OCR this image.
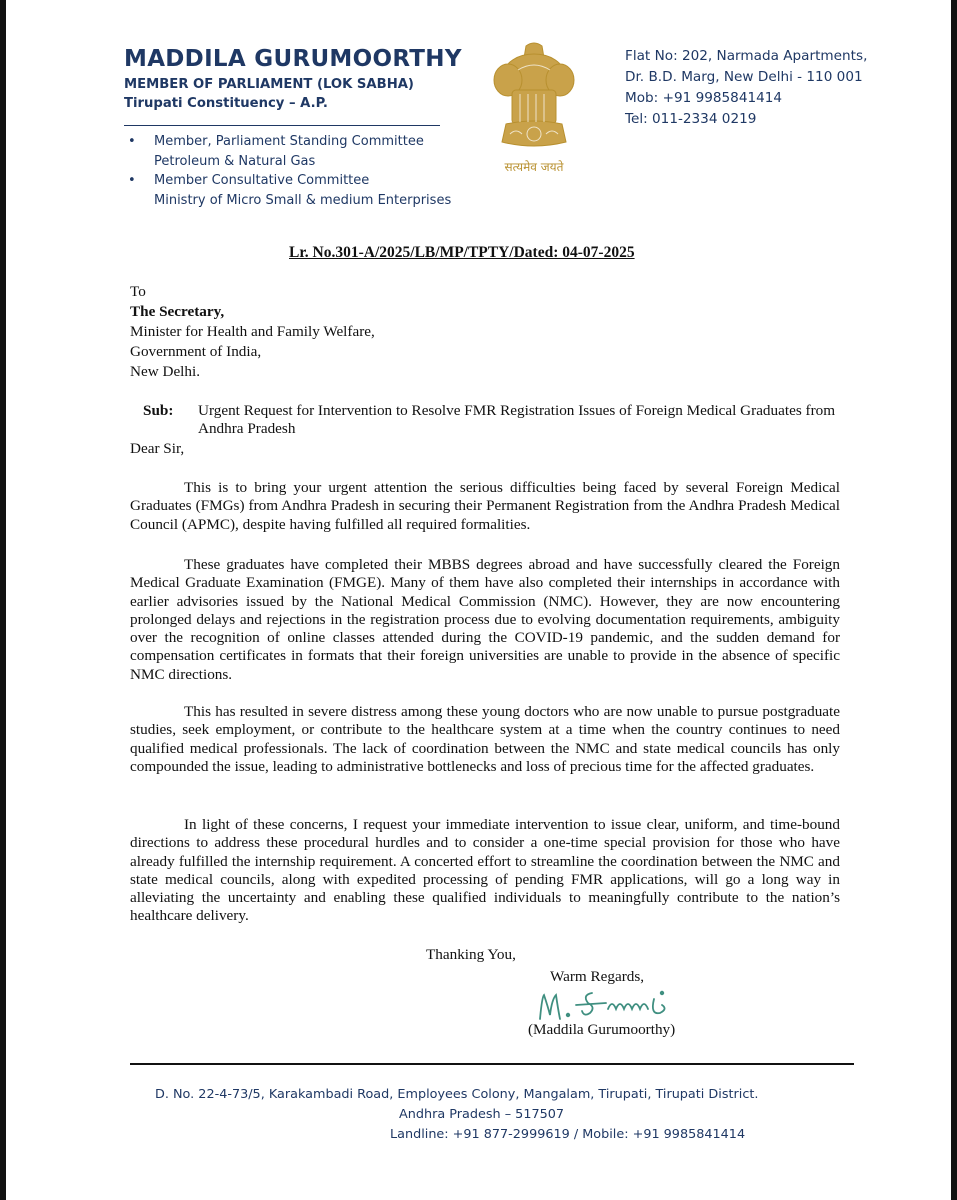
MADDILA GURUMOORTHY
MEMBER OF PARLIAMENT (LOK SABHA)
Tirupati Constituency – A.P.
• Member, Parliament Standing Committee
Petroleum & Natural Gas
• Member Consultative Committee
Ministry of Micro Small & medium Enterprises
सत्यमेव जयते
Flat No: 202, Narmada Apartments,
Dr. B.D. Marg, New Delhi - 110 001
Mob: +91 9985841414
Tel: 011-2334 0219
Lr. No.301-A/2025/LB/MP/TPTY/Dated: 04-07-2025
To
The Secretary,
Minister for Health and Family Welfare,
Government of India,
New Delhi.
Sub: Urgent Request for Intervention to Resolve FMR Registration Issues of Foreign Medical Graduates from Andhra Pradesh
Dear Sir,

This is to bring your urgent attention the serious difficulties being faced by several Foreign Medical Graduates (FMGs) from Andhra Pradesh in securing their Permanent Registration from the Andhra Pradesh Medical Council (APMC), despite having fulfilled all required formalities.

These graduates have completed their MBBS degrees abroad and have successfully cleared the Foreign Medical Graduate Examination (FMGE). Many of them have also completed their internships in accordance with earlier advisories issued by the National Medical Commission (NMC). However, they are now encountering prolonged delays and rejections in the registration process due to evolving documentation requirements, ambiguity over the recognition of online classes attended during the COVID-19 pandemic, and the sudden demand for compensation certificates in formats that their foreign universities are unable to provide in the absence of specific NMC directions.

This has resulted in severe distress among these young doctors who are now unable to pursue postgraduate studies, seek employment, or contribute to the healthcare system at a time when the country continues to need qualified medical professionals. The lack of coordination between the NMC and state medical councils has only compounded the issue, leading to administrative bottlenecks and loss of precious time for the affected graduates.

In light of these concerns, I request your immediate intervention to issue clear, uniform, and time-bound directions to address these procedural hurdles and to consider a one-time special provision for those who have already fulfilled the internship requirement. A concerted effort to streamline the coordination between the NMC and state medical councils, along with expedited processing of pending FMR applications, will go a long way in alleviating the uncertainty and enabling these qualified individuals to meaningfully contribute to the nation’s healthcare delivery.

Thanking You,
Warm Regards,
(Maddila Gurumoorthy)
D. No. 22-4-73/5, Karakambadi Road, Employees Colony, Mangalam, Tirupati, Tirupati District.
Andhra Pradesh – 517507
Landline: +91 877-2999619 / Mobile: +91 9985841414
